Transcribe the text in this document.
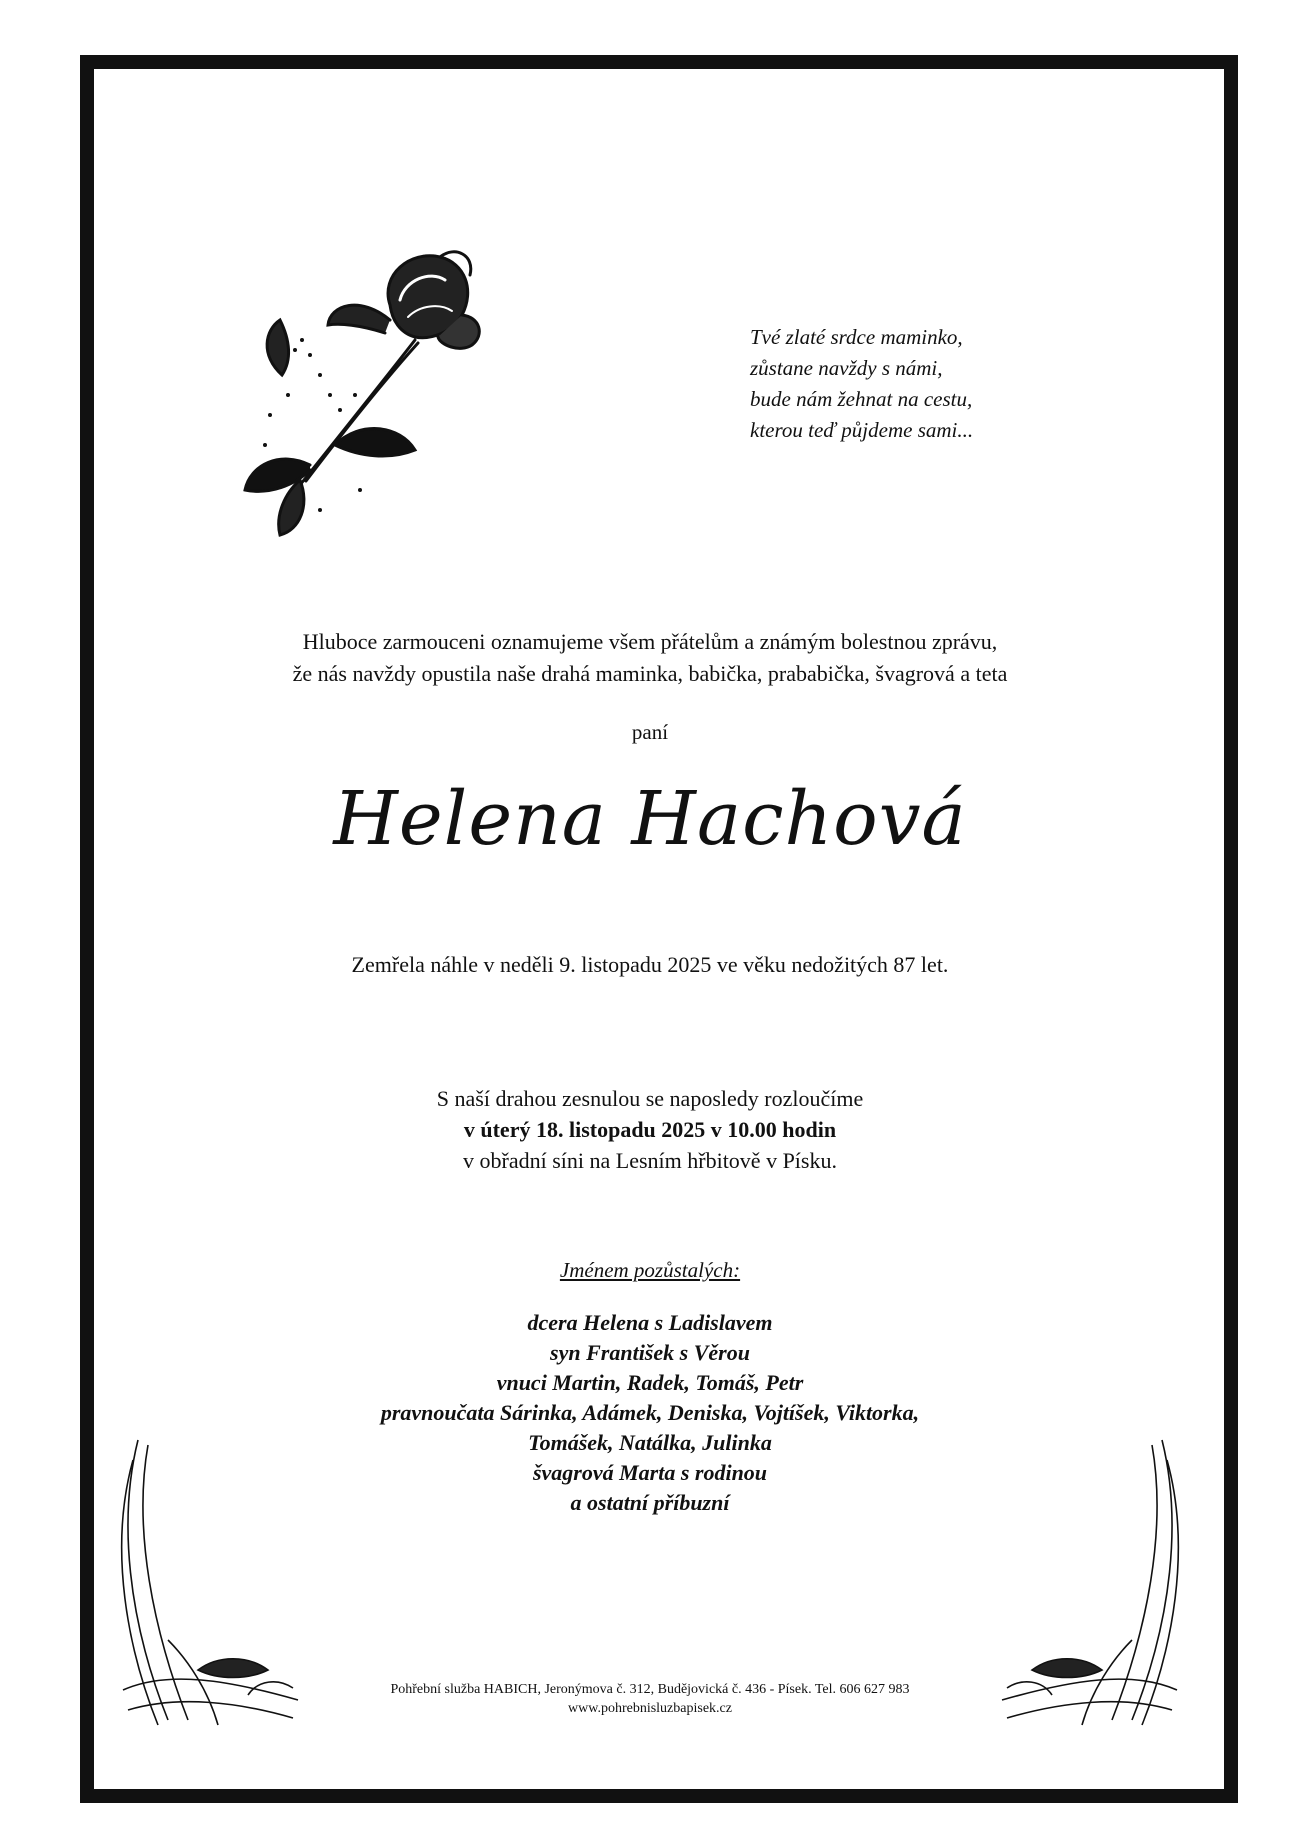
Tvé zlaté srdce maminko,
zůstane navždy s námi,
bude nám žehnat na cestu,
kterou teď půjdeme sami...
Hluboce zarmouceni oznamujeme všem přátelům a známým bolestnou zprávu,
že nás navždy opustila naše drahá maminka, babička, prababička, švagrová a teta
paní
Helena Hachová
Zemřela náhle v neděli 9. listopadu 2025 ve věku nedožitých 87 let.
S naší drahou zesnulou se naposledy rozloučíme
v úterý 18. listopadu 2025 v 10.00 hodin
v obřadní síni na Lesním hřbitově v Písku.
Jménem pozůstalých:
dcera Helena s Ladislavem
syn František s Věrou
vnuci Martin, Radek, Tomáš, Petr
pravnoučata Sárinka, Adámek, Deniska, Vojtíšek, Viktorka,
Tomášek, Natálka, Julinka
švagrová Marta s rodinou
a ostatní příbuzní
Pohřební služba HABICH, Jeronýmova č. 312, Budějovická č. 436 - Písek. Tel. 606 627 983
www.pohrebnisluzbapisek.cz
